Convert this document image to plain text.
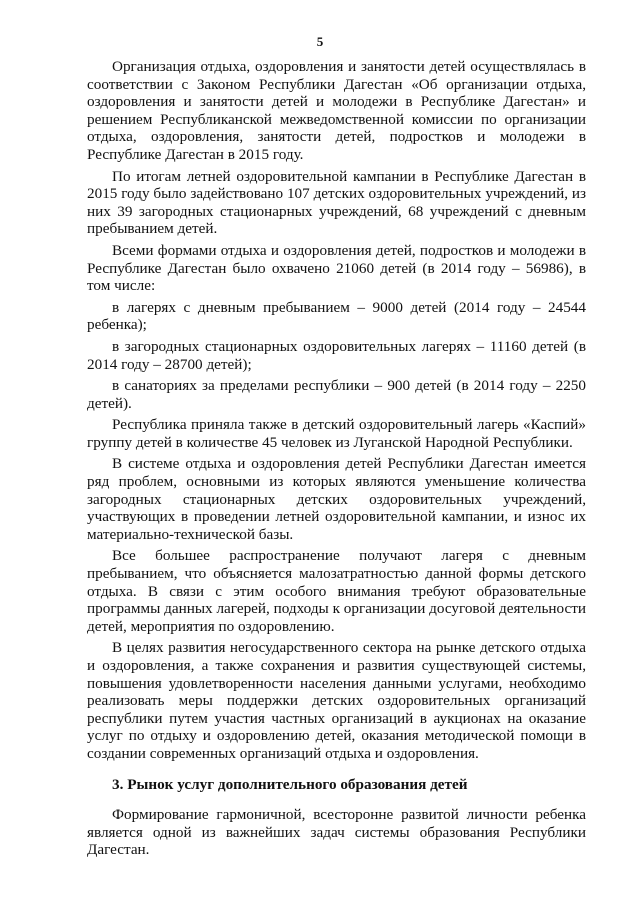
5

Организация отдыха, оздоровления и занятости детей осуществлялась в соответствии с Законом Республики Дагестан «Об организации отдыха, оздоровления и занятости детей и молодежи в Республике Дагестан» и решением Республиканской межведомственной комиссии по организации отдыха, оздоровления, занятости детей, подростков и молодежи в Республике Дагестан в 2015 году.

По итогам летней оздоровительной кампании в Республике Дагестан в 2015 году было задействовано 107 детских оздоровительных учреждений, из них 39 загородных стационарных учреждений, 68 учреждений с дневным пребыванием детей.

Всеми формами отдыха и оздоровления детей, подростков и молодежи в Республике Дагестан было охвачено 21060 детей (в 2014 году – 56986), в том числе:

в лагерях с дневным пребыванием – 9000 детей (2014 году – 24544 ребенка);

в загородных стационарных оздоровительных лагерях – 11160 детей (в 2014 году – 28700 детей);

в санаториях за пределами республики – 900 детей (в 2014 году – 2250 детей).

Республика приняла также в детский оздоровительный лагерь «Каспий» группу детей в количестве 45 человек из Луганской Народной Республики.

В системе отдыха и оздоровления детей Республики Дагестан имеется ряд проблем, основными из которых являются уменьшение количества загородных стационарных детских оздоровительных учреждений, участвующих в проведении летней оздоровительной кампании, и износ их материально-технической базы.

Все большее распространение получают лагеря с дневным пребыванием, что объясняется малозатратностью данной формы детского отдыха. В связи с этим особого внимания требуют образовательные программы данных лагерей, подходы к организации досуговой деятельности детей, мероприятия по оздоровлению.

В целях развития негосударственного сектора на рынке детского отдыха и оздоровления, а также сохранения и развития существующей системы, повышения удовлетворенности населения данными услугами, необходимо реализовать меры поддержки детских оздоровительных организаций республики путем участия частных организаций в аукционах на оказание услуг по отдыху и оздоровлению детей, оказания методической помощи в создании современных организаций отдыха и оздоровления.

3. Рынок услуг дополнительного образования детей

Формирование гармоничной, всесторонне развитой личности ребенка является одной из важнейших задач системы образования Республики Дагестан.
